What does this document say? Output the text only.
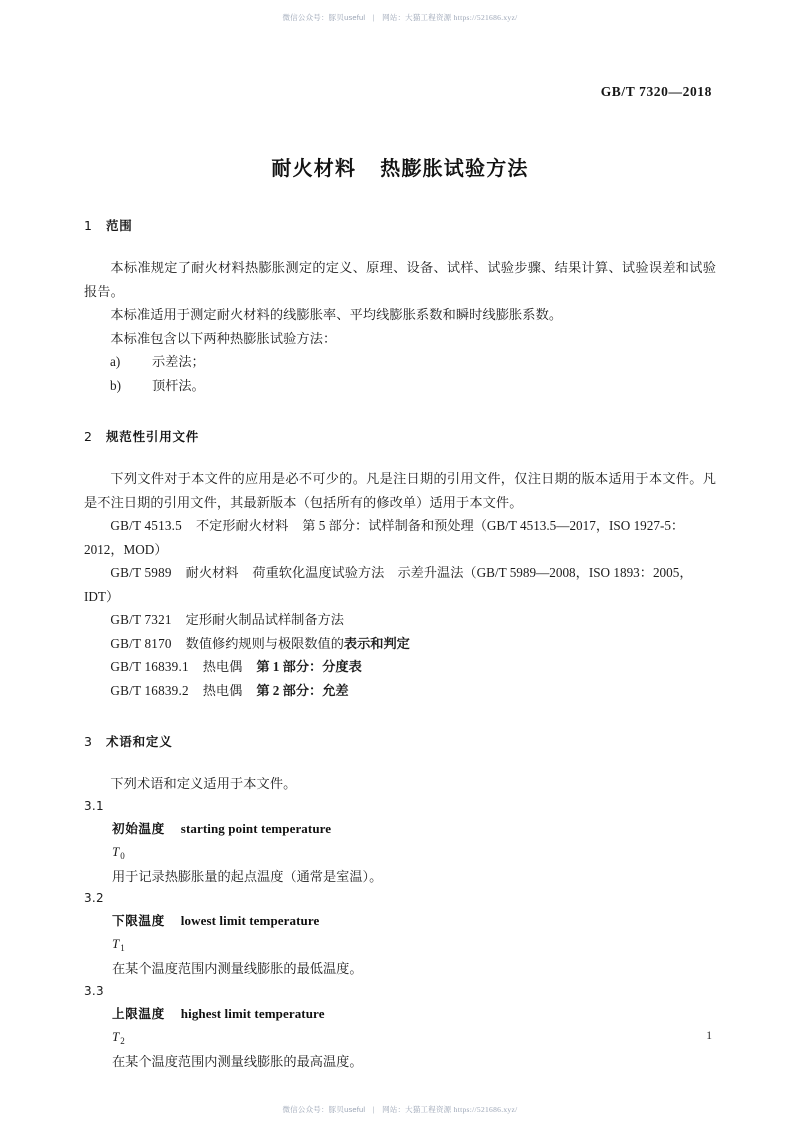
微信公众号：豚贝useful | 网站：大猫工程资源 https://521686.xyz/
GB/T 7320—2018
耐火材料 热膨胀试验方法
1 范围

本标准规定了耐火材料热膨胀测定的定义、原理、设备、试样、试验步骤、结果计算、试验误差和试验报告。

本标准适用于测定耐火材料的线膨胀率、平均线膨胀系数和瞬时线膨胀系数。

本标准包含以下两种热膨胀试验方法：

a) 示差法；
b) 顶杆法。
2 规范性引用文件

下列文件对于本文件的应用是必不可少的。凡是注日期的引用文件，仅注日期的版本适用于本文件。凡是不注日期的引用文件，其最新版本（包括所有的修改单）适用于本文件。

GB/T 4513.5 不定形耐火材料 第 5 部分：试样制备和预处理（GB/T 4513.5—2017，ISO 1927-5：2012，MOD）
GB/T 5989 耐火材料 荷重软化温度试验方法　示差升温法（GB/T 5989—2008，ISO 1893：2005，IDT）
GB/T 7321 定形耐火制品试样制备方法
GB/T 8170 数值修约规则与极限数值的表示和判定
GB/T 16839.1 热电偶 第 1 部分：分度表
GB/T 16839.2 热电偶 第 2 部分：允差
3 术语和定义

下列术语和定义适用于本文件。

3.1
初始温度 starting point temperature
$T_0$
用于记录热膨胀量的起点温度（通常是室温）。
3.2
下限温度 lowest limit temperature
$T_1$
在某个温度范围内测量线膨胀的最低温度。
3.3
上限温度 highest limit temperature
$T_2$
在某个温度范围内测量线膨胀的最高温度。
1
微信公众号：豚贝useful | 网站：大猫工程资源 https://521686.xyz/
